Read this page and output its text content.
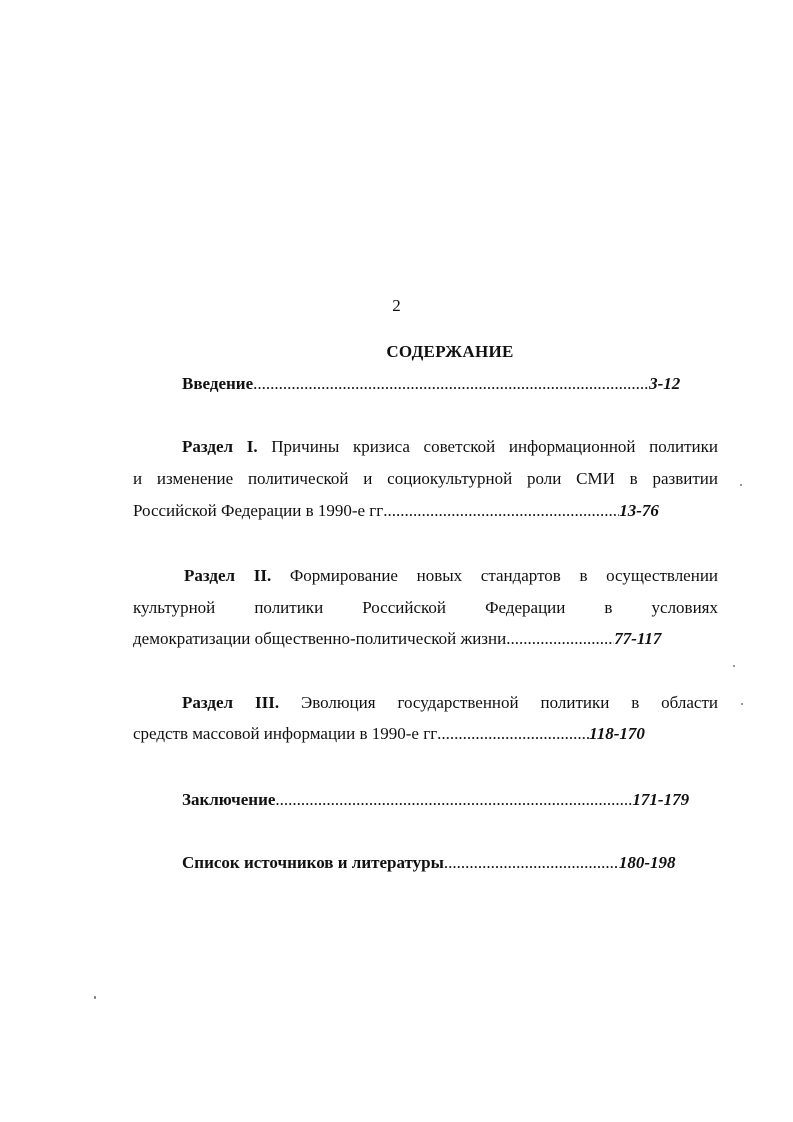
2
СОДЕРЖАНИЕ
Введение .....	3-12
Раздел I. Причины кризиса советской информационной политики
и изменение политической и социокультурной роли СМИ в развитии
Российской Федерации в 1990-е гг .....	13-76
Раздел II. Формирование новых стандартов в осуществлении
культурной политики Российской Федерации в условиях
демократизации общественно-политической жизни .....	77-117
Раздел III. Эволюция государственной политики в области
средств массовой информации в 1990-е гг .....	118-170
Заключение .....	171-179
Список источников и литературы .....	180-198
